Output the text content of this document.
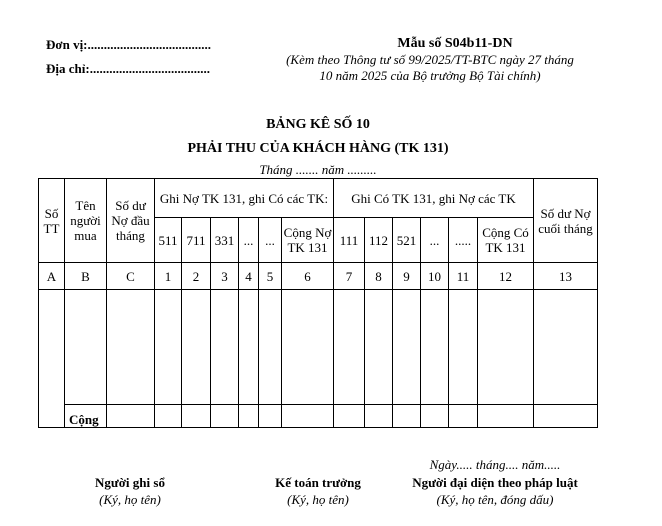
Đơn vị:......................................
Địa chỉ:.....................................
Mẫu số S04b11-DN
(Kèm theo Thông tư số 99/2025/TT-BTC ngày 27 tháng
10 năm 2025 của Bộ trưởng Bộ Tài chính)
BẢNG KÊ SỐ 10
PHẢI THU CỦA KHÁCH HÀNG (TK 131)
Tháng ....... năm .........
Số TT	Tên người mua	Số dư Nợ đầu tháng	Ghi Nợ TK 131, ghi Có các TK:						Ghi Có TK 131, ghi Nợ các TK						Số dư Nợ cuối tháng
			511	711	331	...	...	Cộng Nợ TK 131	111	112	521	...	.....	Cộng Có TK 131	
A	B	C	1	2	3	4	5	6	7	8	9	10	11	12	13

	Cộng														
Ngày..... tháng.... năm.....
Người ghi sổ
(Ký, họ tên)
Kế toán trưởng
(Ký, họ tên)
Người đại diện theo pháp luật
(Ký, họ tên, đóng dấu)
